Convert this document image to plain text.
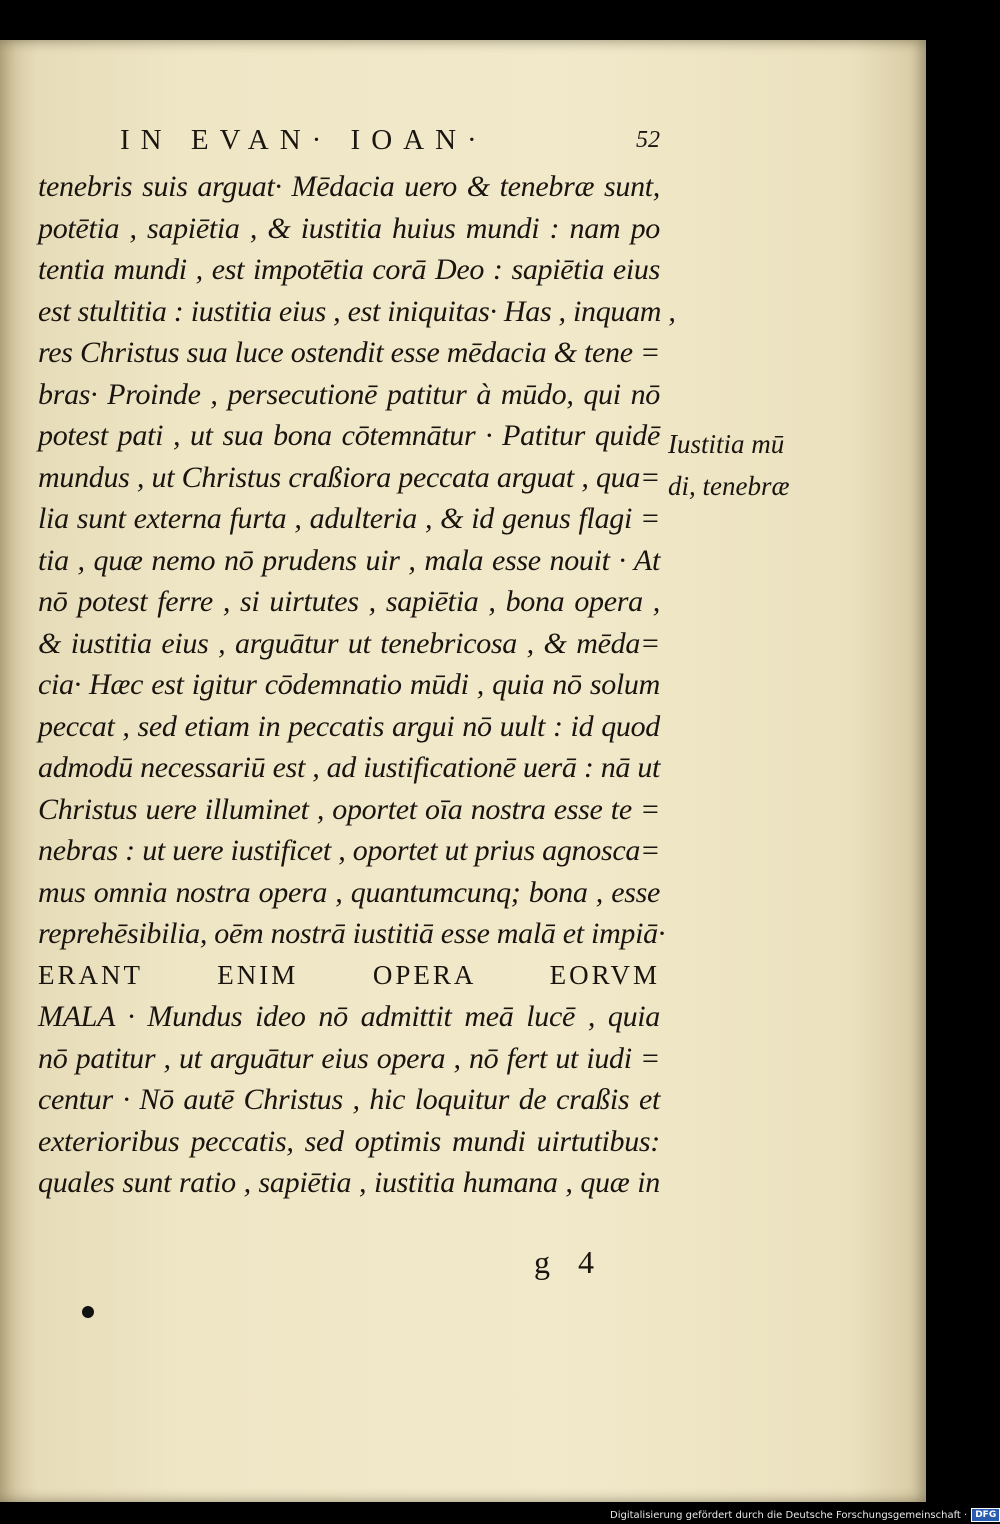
IN EVAN· IOAN·	52
tenebris suis arguat· Mēdacia uero & tenebræ sunt,
potētia , sapiētia , & iustitia huius mundi : nam po
tentia mundi , est impotētia corā Deo : sapiētia eius
est stultitia : iustitia eius , est iniquitas· Has , inquam ,
res Christus sua luce ostendit esse mēdacia & tene =
bras· Proinde , persecutionē patitur à mūdo, qui nō
potest pati , ut sua bona cōtemnātur · Patitur quidē
mundus , ut Christus craßiora peccata arguat , qua=
lia sunt externa furta , adulteria , & id genus flagi =
tia , quæ nemo nō prudens uir , mala esse nouit · At
nō potest ferre , si uirtutes , sapiētia , bona opera ,
& iustitia eius , arguātur ut tenebricosa , & mēda=
cia· Hæc est igitur cōdemnatio mūdi , quia nō solum
peccat , sed etiam in peccatis argui nō uult : id quod
admodū necessariū est , ad iustificationē uerā : nā ut
Christus uere illuminet , oportet oīa nostra esse te =
nebras : ut uere iustificet , oportet ut prius agnosca=
mus omnia nostra opera , quantumcunq; bona , esse
reprehēsibilia, oēm nostrā iustitiā esse malā et impiā·
ERANT ENIM OPERA EORVM
MALA · Mundus ideo nō admittit meā lucē , quia
nō patitur , ut arguātur eius opera , nō fert ut iudi =
centur · Nō autē Christus , hic loquitur de craßis et
exterioribus peccatis, sed optimis mundi uirtutibus:
quales sunt ratio , sapiētia , iustitia humana , quæ in
Iustitia mū
di, tenebræ
g 4
Digitalisierung gefördert durch die Deutsche Forschungsgemeinschaft · DFG
